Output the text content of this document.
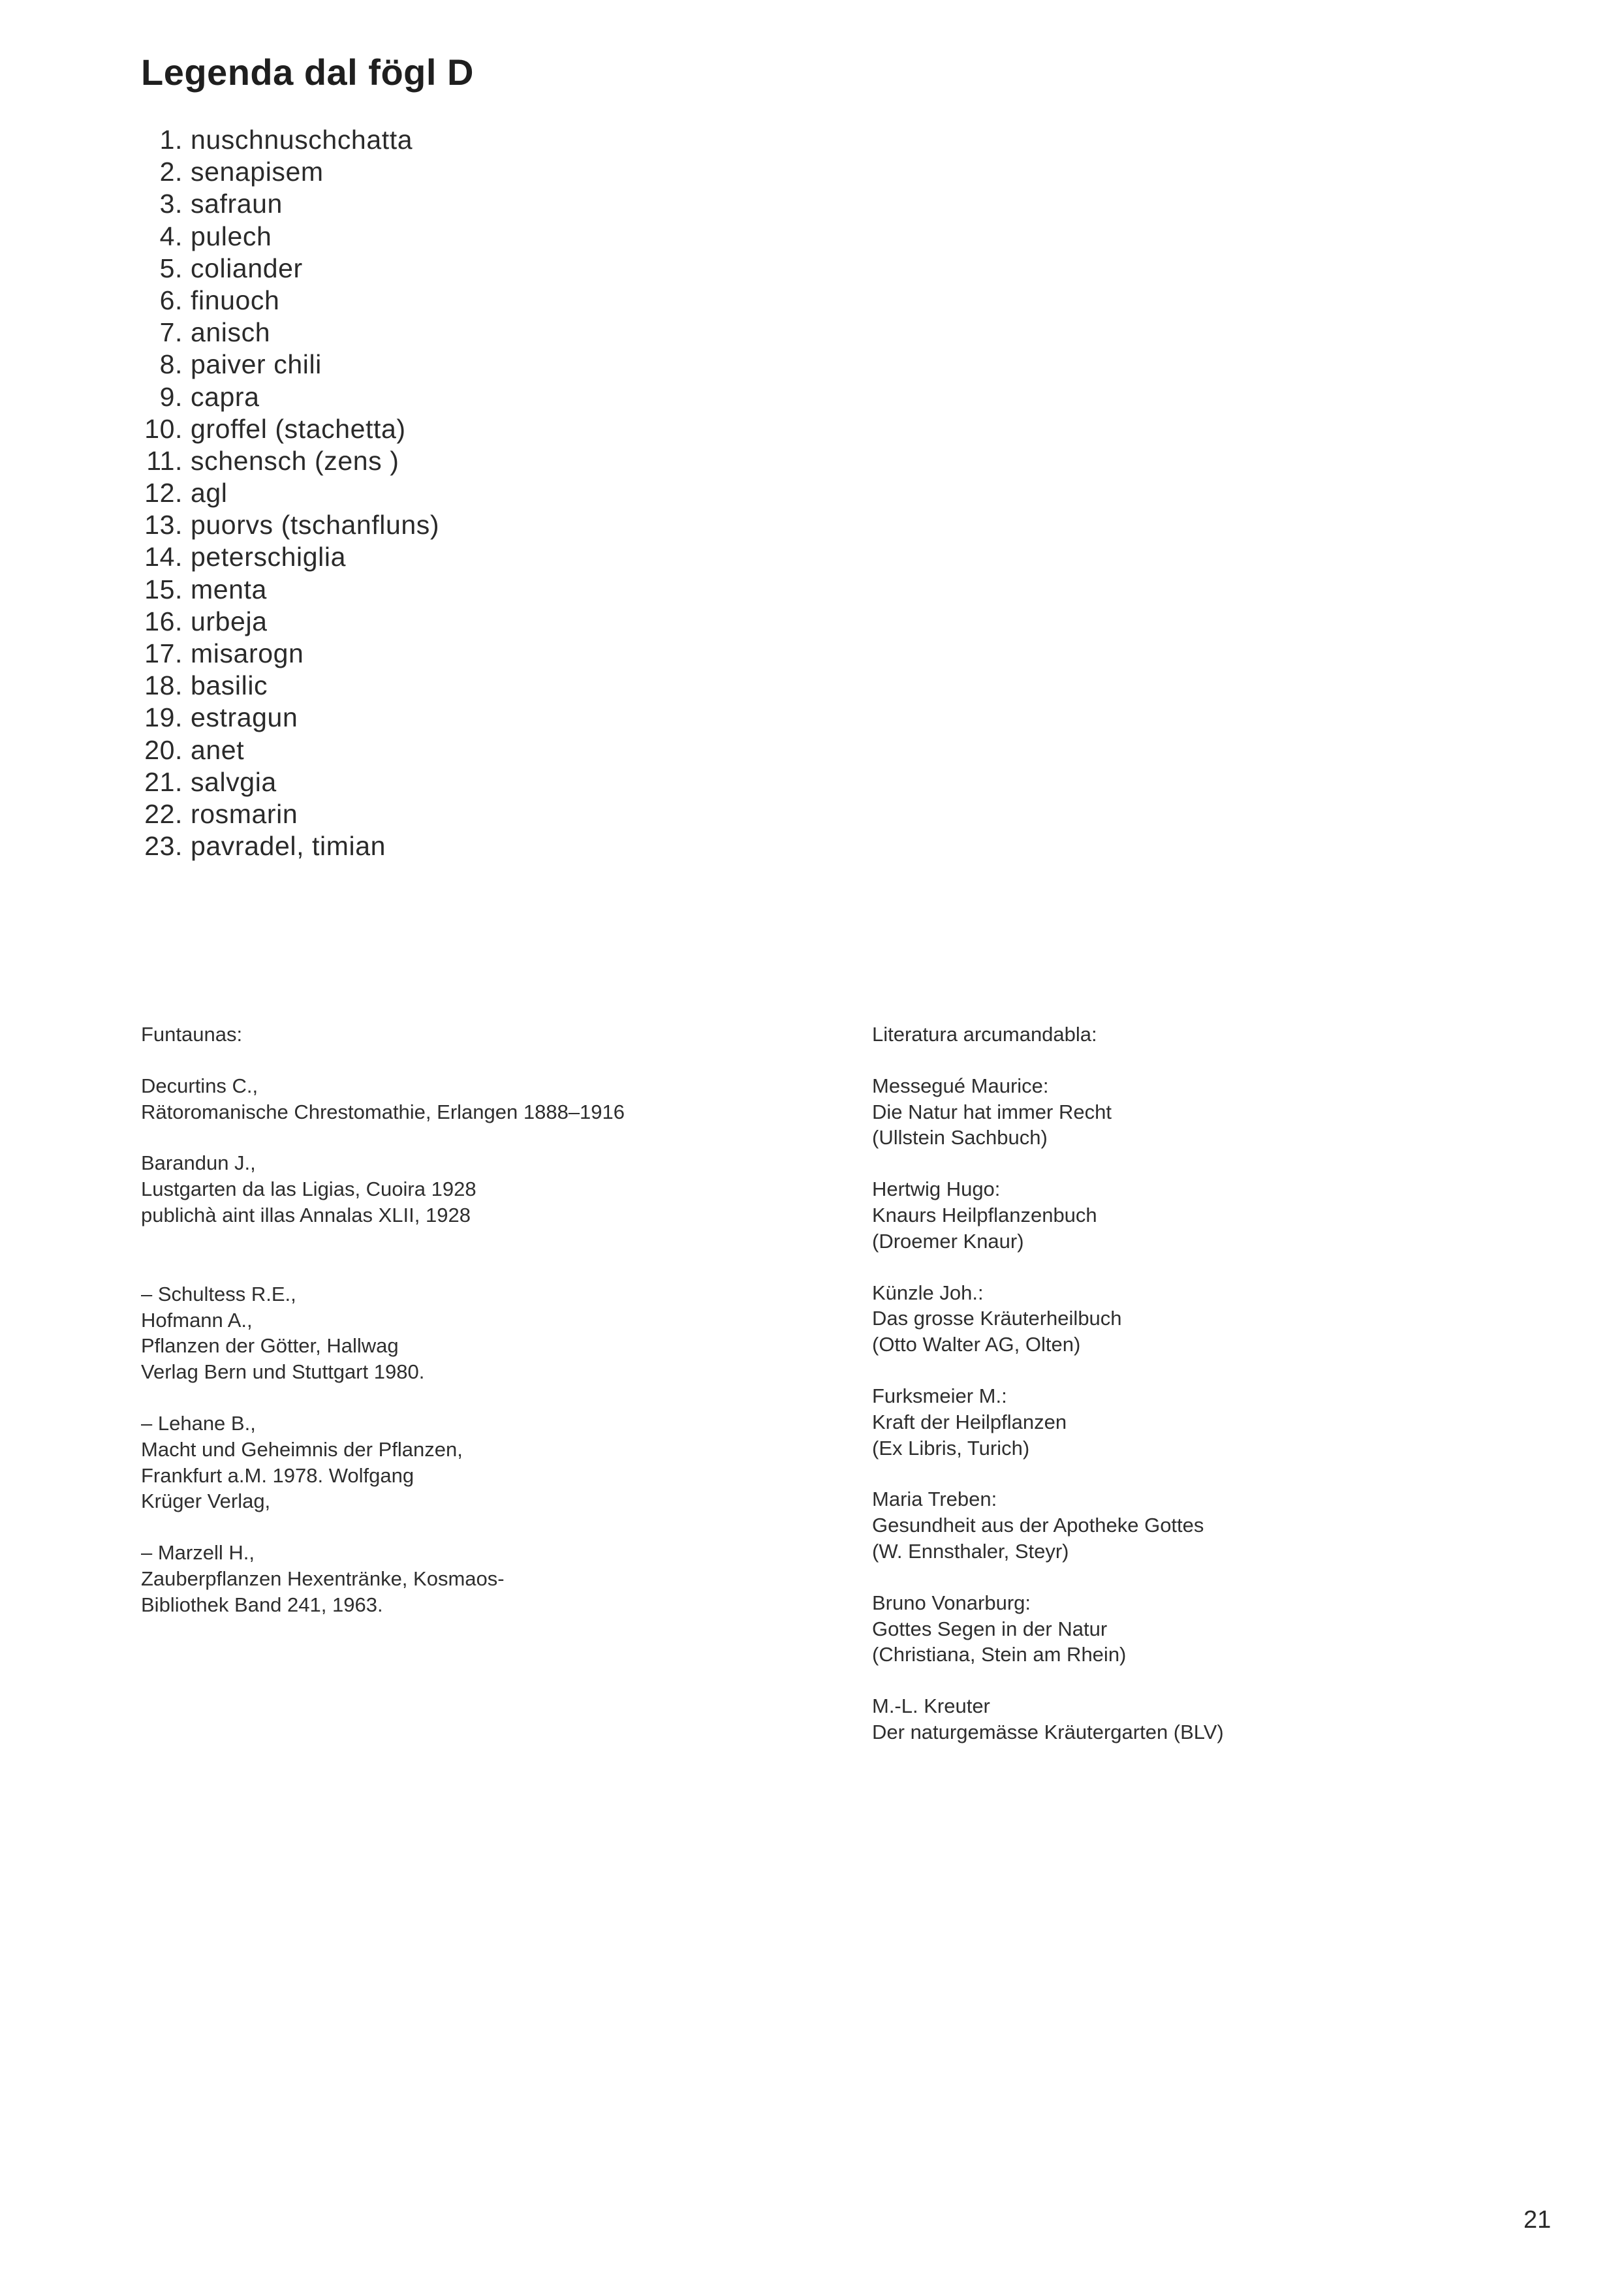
Legenda dal fögl D
1. nuschnuschchatta
2. senapisem
3. safraun
4. pulech
5. coliander
6. finuoch
7. anisch
8. paiver chili
9. capra
10. groffel (stachetta)
11. schensch (zens )
12. agl
13. puorvs (tschanfluns)
14. peterschiglia
15. menta
16. urbeja
17. misarogn
18. basilic
19. estragun
20. anet
21. salvgia
22. rosmarin
23. pavradel, timian

Funtaunas:

Decurtins C.,

Rätoromanische Chrestomathie, Erlangen 1888–1916

Barandun J.,

Lustgarten da las Ligias, Cuoira 1928

publichà aint illas Annalas XLII, 1928

– Schultess R.E.,

Hofmann A.,

Pflanzen der Götter, Hallwag

Verlag Bern und Stuttgart 1980.

– Lehane B.,

Macht und Geheimnis der Pflanzen,

Frankfurt a.M. 1978. Wolfgang

Krüger Verlag,

– Marzell H.,

Zauberpflanzen Hexentränke, Kosmaos-

Bibliothek Band 241, 1963.

Literatura arcumandabla:

Messegué Maurice:

Die Natur hat immer Recht

(Ullstein Sachbuch)

Hertwig Hugo:

Knaurs Heilpflanzenbuch

(Droemer Knaur)

Künzle Joh.:

Das grosse Kräuterheilbuch

(Otto Walter AG, Olten)

Furksmeier M.:

Kraft der Heilpflanzen

(Ex Libris, Turich)

Maria Treben:

Gesundheit aus der Apotheke Gottes

(W. Ennsthaler, Steyr)

Bruno Vonarburg:

Gottes Segen in der Natur

(Christiana, Stein am Rhein)

M.-L. Kreuter

Der naturgemässe Kräutergarten (BLV)

21
